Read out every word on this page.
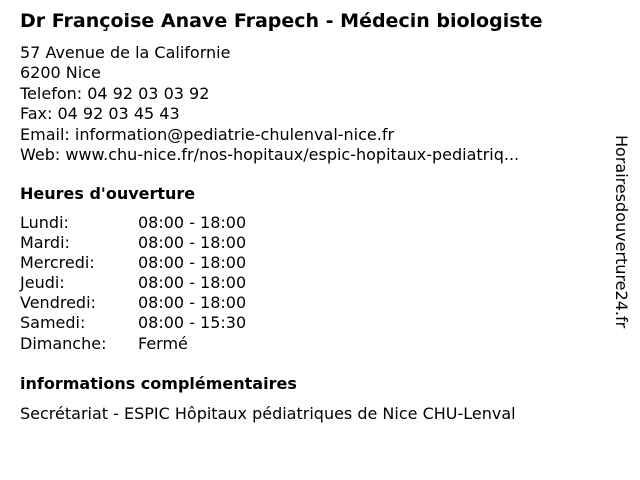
Dr Françoise Anave Frapech - Médecin biologiste
57 Avenue de la Californie
6200 Nice
Telefon: 04 92 03 03 92
Fax: 04 92 03 45 43
Email: information@pediatrie-chulenval-nice.fr
Web: www.chu-nice.fr/nos-hopitaux/espic-hopitaux-pediatriq...
Heures d'ouverture
Lundi:	08:00 - 18:00
Mardi:	08:00 - 18:00
Mercredi:	08:00 - 18:00
Jeudi:	08:00 - 18:00
Vendredi:	08:00 - 18:00
Samedi:	08:00 - 15:30
Dimanche: Fermé
informations complémentaires
Secrétariat - ESPIC Hôpitaux pédiatriques de Nice CHU-Lenval
Horairesdouverture24.fr
